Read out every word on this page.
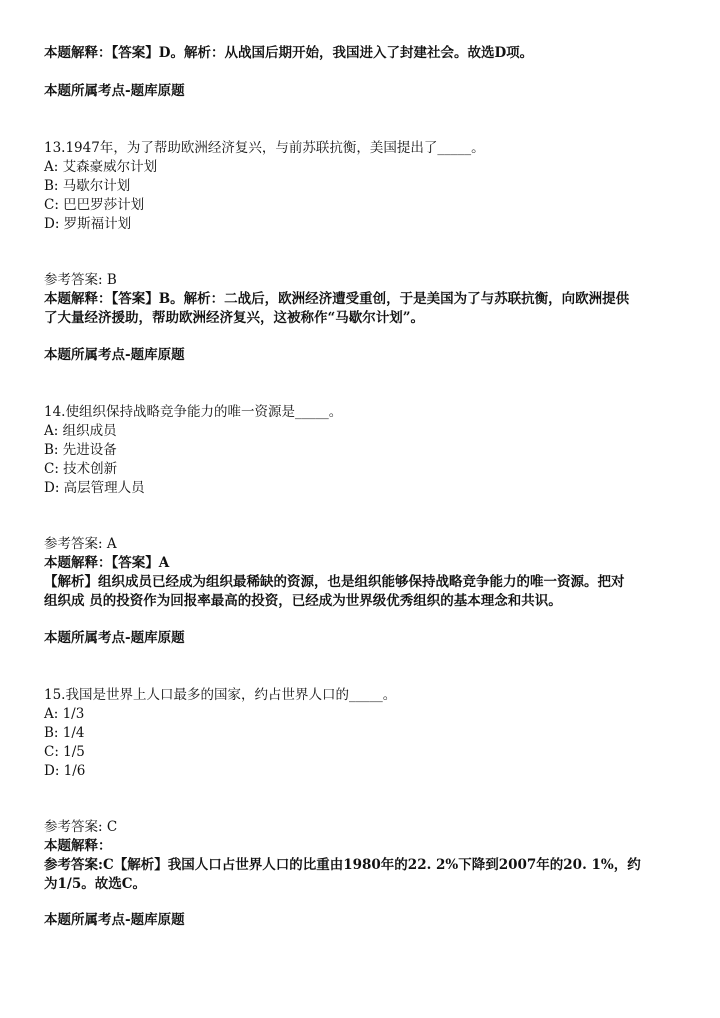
本题解释：【答案】D。解析：从战国后期开始，我国进入了封建社会。故选D项。
本题所属考点-题库原题
13.1947年，为了帮助欧洲经济复兴，与前苏联抗衡，美国提出了_____。
A: 艾森豪威尔计划
B: 马歇尔计划
C: 巴巴罗莎计划
D: 罗斯福计划
参考答案: B
本题解释：【答案】B。解析：二战后，欧洲经济遭受重创，于是美国为了与苏联抗衡，向欧洲提供
了大量经济援助，帮助欧洲经济复兴，这被称作“马歇尔计划”。
本题所属考点-题库原题
14.使组织保持战略竞争能力的唯一资源是_____。
A: 组织成员
B: 先进设备
C: 技术创新
D: 高层管理人员
参考答案: A
本题解释：【答案】A
【解析】组织成员已经成为组织最稀缺的资源，也是组织能够保持战略竞争能力的唯一资源。把对
组织成 员的投资作为回报率最高的投资，已经成为世界级优秀组织的基本理念和共识。
本题所属考点-题库原题
15.我国是世界上人口最多的国家，约占世界人口的_____。
A: 1/3
B: 1/4
C: 1/5
D: 1/6
参考答案: C
本题解释：
参考答案:C【解析】我国人口占世界人口的比重由1980年的22. 2%下降到2007年的20. 1%，约
为1/5。故选C。
本题所属考点-题库原题
